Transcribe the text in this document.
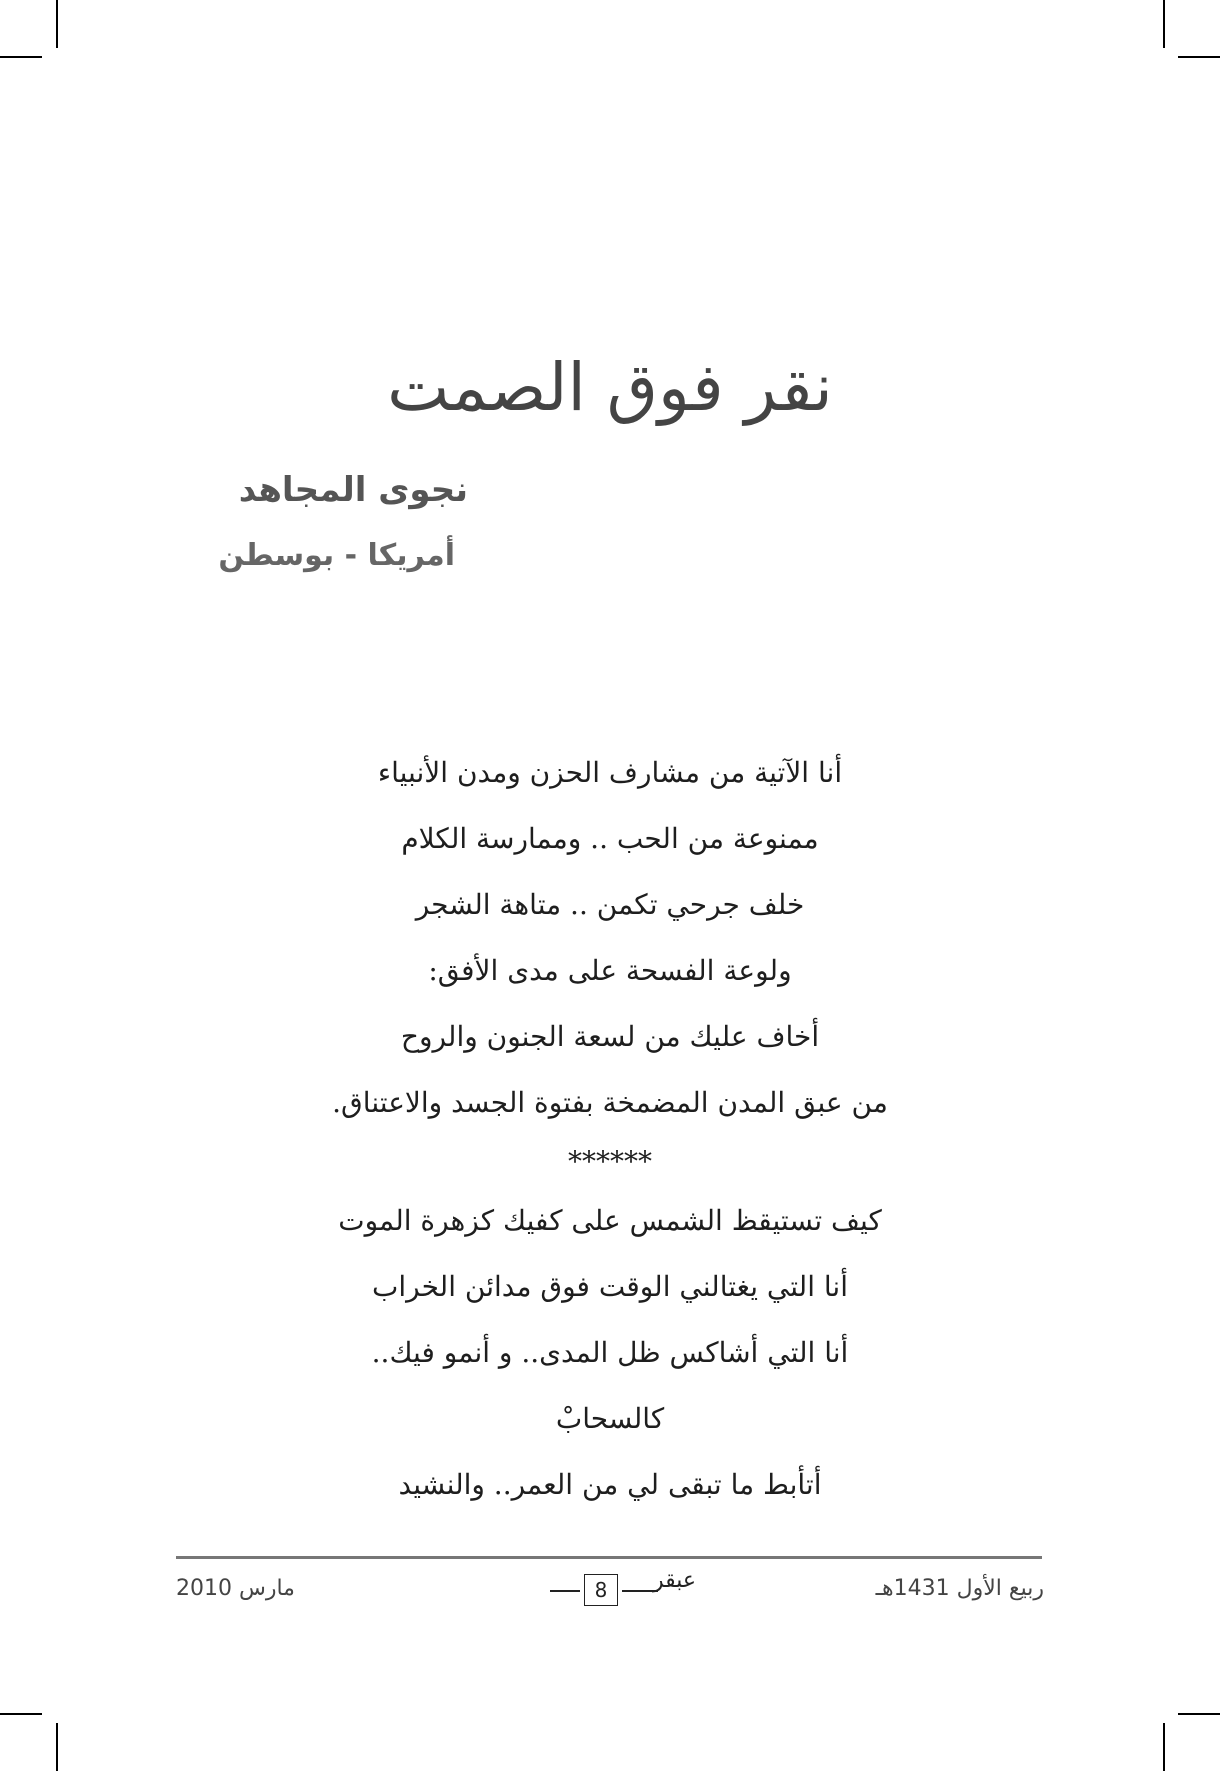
نقر فوق الصمت
نجوى المجاهد
أمريكا - بوسطن
أنا الآتية من مشارف الحزن ومدن الأنبياء
ممنوعة من الحب .. وممارسة الكلام
خلف جرحي تكمن .. متاهة الشجر
ولوعة الفسحة على مدى الأفق:
أخاف عليك من لسعة الجنون والروح
من عبق المدن المضمخة بفتوة الجسد والاعتناق.
******
كيف تستيقظ الشمس على كفيك كزهرة الموت
أنا التي يغتالني الوقت فوق مدائن الخراب
أنا التي أشاكس ظل المدى.. و أنمو فيك..
كالسحابْ
أتأبط ما تبقى لي من العمر.. والنشيد
مارس 2010	8	عبقر	ربيع الأول 1431هـ
